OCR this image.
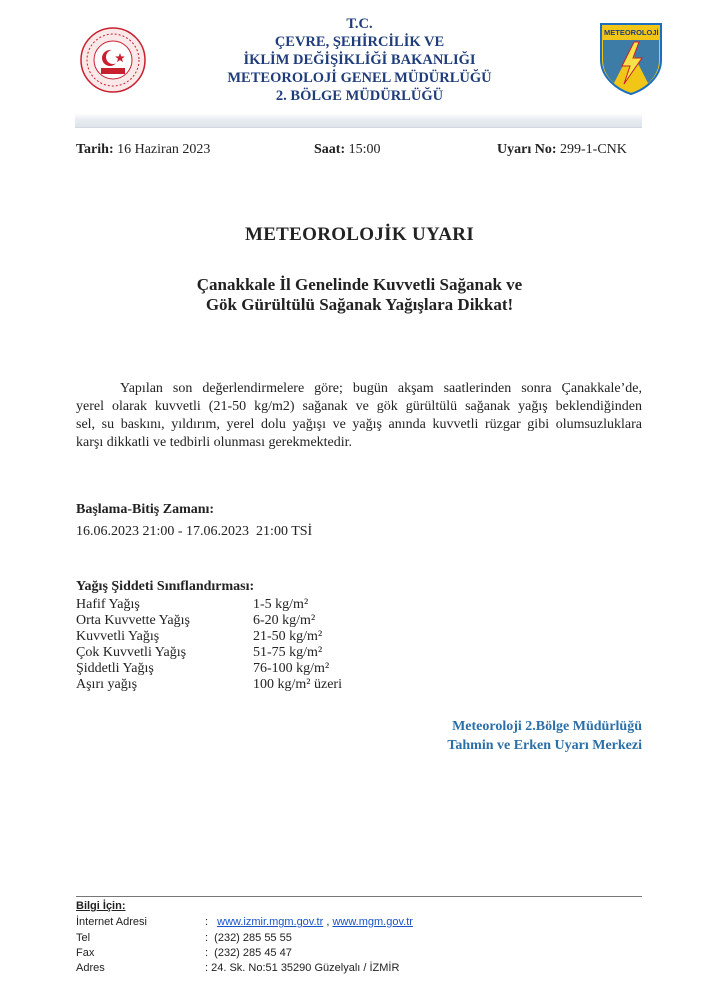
T.C.
ÇEVRE, ŞEHİRCİLİK VE
İKLİM DEĞİŞİKLİĞİ BAKANLIĞI
METEOROLOJİ GENEL MÜDÜRLÜĞÜ
2. BÖLGE MÜDÜRLÜĞÜ
METEOROLOJİ
Tarih: 16 Haziran 2023	Saat: 15:00	Uyarı No: 299-1-CNK
METEOROLOJİK UYARI
Çanakkale İl Genelinde Kuvvetli Sağanak ve
Gök Gürültülü Sağanak Yağışlara Dikkat!
Yapılan son değerlendirmelere göre; bugün akşam saatlerinden sonra Çanakkale’de,
yerel olarak kuvvetli (21-50 kg/m2) sağanak ve gök gürültülü sağanak yağış beklendiğinden
sel, su baskını, yıldırım, yerel dolu yağışı ve yağış anında kuvvetli rüzgar gibi olumsuzluklara
karşı dikkatli ve tedbirli olunması gerekmektedir.
Başlama-Bitiş Zamanı:
16.06.2023 21:00 - 17.06.2023  21:00 TSİ
Yağış Şiddeti Sınıflandırması:
Hafif Yağış	1-5 kg/m²
Orta Kuvvette Yağış	6-20 kg/m²
Kuvvetli Yağış	21-50 kg/m²
Çok Kuvvetli Yağış	51-75 kg/m²
Şiddetli Yağış	76-100 kg/m²
Aşırı yağış	100 kg/m² üzeri
Meteoroloji 2.Bölge Müdürlüğü
Tahmin ve Erken Uyarı Merkezi
Bilgi İçin:
İnternet Adresi	: www.izmir.mgm.gov.tr , www.mgm.gov.tr
Tel	:  (232) 285 55 55
Fax	:  (232) 285 45 47
Adres	: 24. Sk. No:51 35290 Güzelyalı / İZMİR
